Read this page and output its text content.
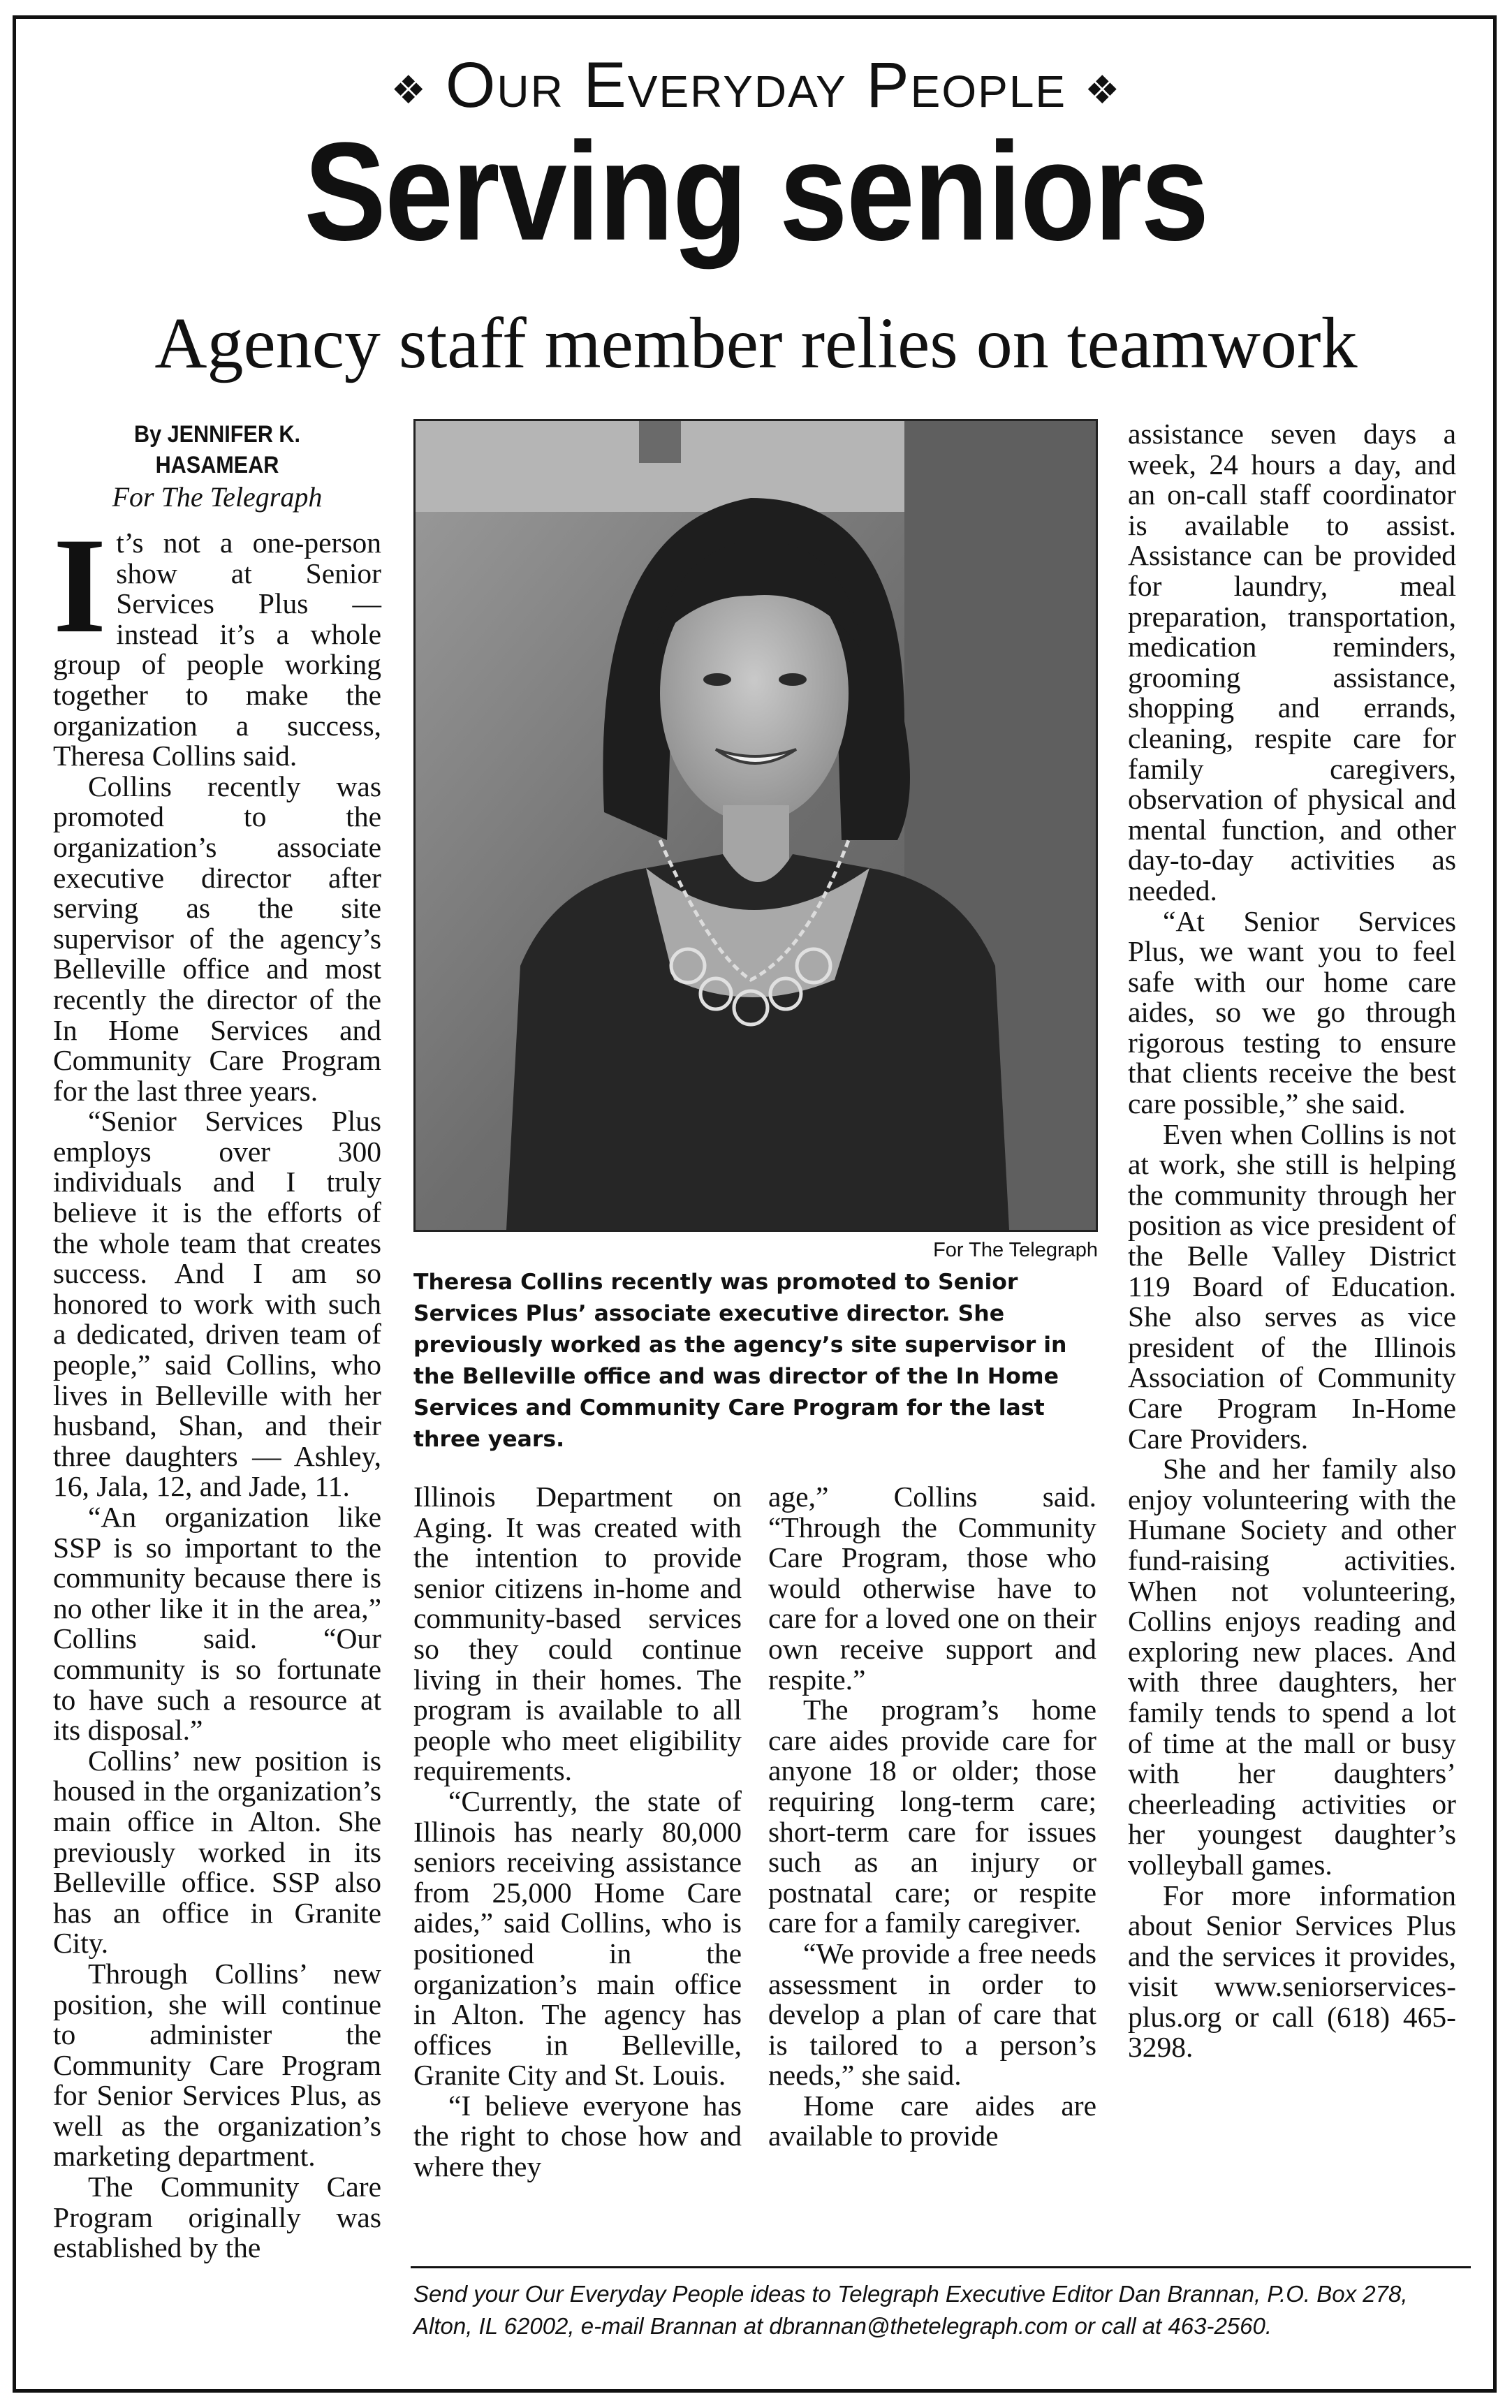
❖ Our Everyday People ❖
Serving seniors
Agency staff member relies on teamwork
By JENNIFER K. HASAMEAR
For The Telegraph

It’s not a one-person show at Senior Services Plus — instead it’s a whole group of people working together to make the organization a success, Theresa Collins said.

Collins recently was promoted to the organization’s associate executive director after serving as the site supervisor of the agency’s Belleville office and most recently the director of the In Home Services and Community Care Program for the last three years.

“Senior Services Plus employs over 300 individuals and I truly believe it is the efforts of the whole team that creates success. And I am so honored to work with such a dedicated, driven team of people,” said Collins, who lives in Belleville with her husband, Shan, and their three daughters — Ashley, 16, Jala, 12, and Jade, 11.

“An organization like SSP is so important to the community because there is no other like it in the area,” Collins said. “Our community is so fortunate to have such a resource at its disposal.”

Collins’ new position is housed in the organization’s main office in Alton. She previously worked in its Belleville office. SSP also has an office in Granite City.

Through Collins’ new position, she will continue to administer the Community Care Program for Senior Services Plus, as well as the organization’s marketing department.

The Community Care Program originally was established by the

For The Telegraph
Theresa Collins recently was promoted to Senior Services Plus’ associate executive director. She previously worked as the agency’s site supervisor in the Belleville office and was director of the In Home Services and Community Care Program for the last three years.

Illinois Department on Aging. It was created with the intention to provide senior citizens in-home and community-based services so they could continue living in their homes. The program is available to all people who meet eligibility requirements.

“Currently, the state of Illinois has nearly 80,000 seniors receiving assistance from 25,000 Home Care aides,” said Collins, who is positioned in the organization’s main office in Alton. The agency has offices in Belleville, Granite City and St. Louis.

“I believe everyone has the right to chose how and where they

age,” Collins said. “Through the Community Care Program, those who would otherwise have to care for a loved one on their own receive support and respite.”

The program’s home care aides provide care for anyone 18 or older; those requiring long-term care; short-term care for issues such as an injury or postnatal care; or respite care for a family caregiver.

“We provide a free needs assessment in order to develop a plan of care that is tailored to a person’s needs,” she said.

Home care aides are available to provide

assistance seven days a week, 24 hours a day, and an on-call staff coordinator is available to assist. Assistance can be provided for laundry, meal preparation, transportation, medication reminders, grooming assistance, shopping and errands, cleaning, respite care for family caregivers, observation of physical and mental function, and other day-to-day activities as needed.

“At Senior Services Plus, we want you to feel safe with our home care aides, so we go through rigorous testing to ensure that clients receive the best care possible,” she said.

Even when Collins is not at work, she still is helping the community through her position as vice president of the Belle Valley District 119 Board of Education. She also serves as vice president of the Illinois Association of Community Care Program In-Home Care Providers.

She and her family also enjoy volunteering with the Humane Society and other fund-raising activities. When not volunteering, Collins enjoys reading and exploring new places. And with three daughters, her family tends to spend a lot of time at the mall or busy with her daughters’ cheerleading activities or her youngest daughter’s volleyball games.

For more information about Senior Services Plus and the services it provides, visit www.seniorservices-plus.org or call (618) 465-3298.

Send your Our Everyday People ideas to Telegraph Executive Editor Dan Brannan, P.O. Box 278, Alton, IL 62002, e-mail Brannan at dbrannan@thetelegraph.com or call at 463-2560.
